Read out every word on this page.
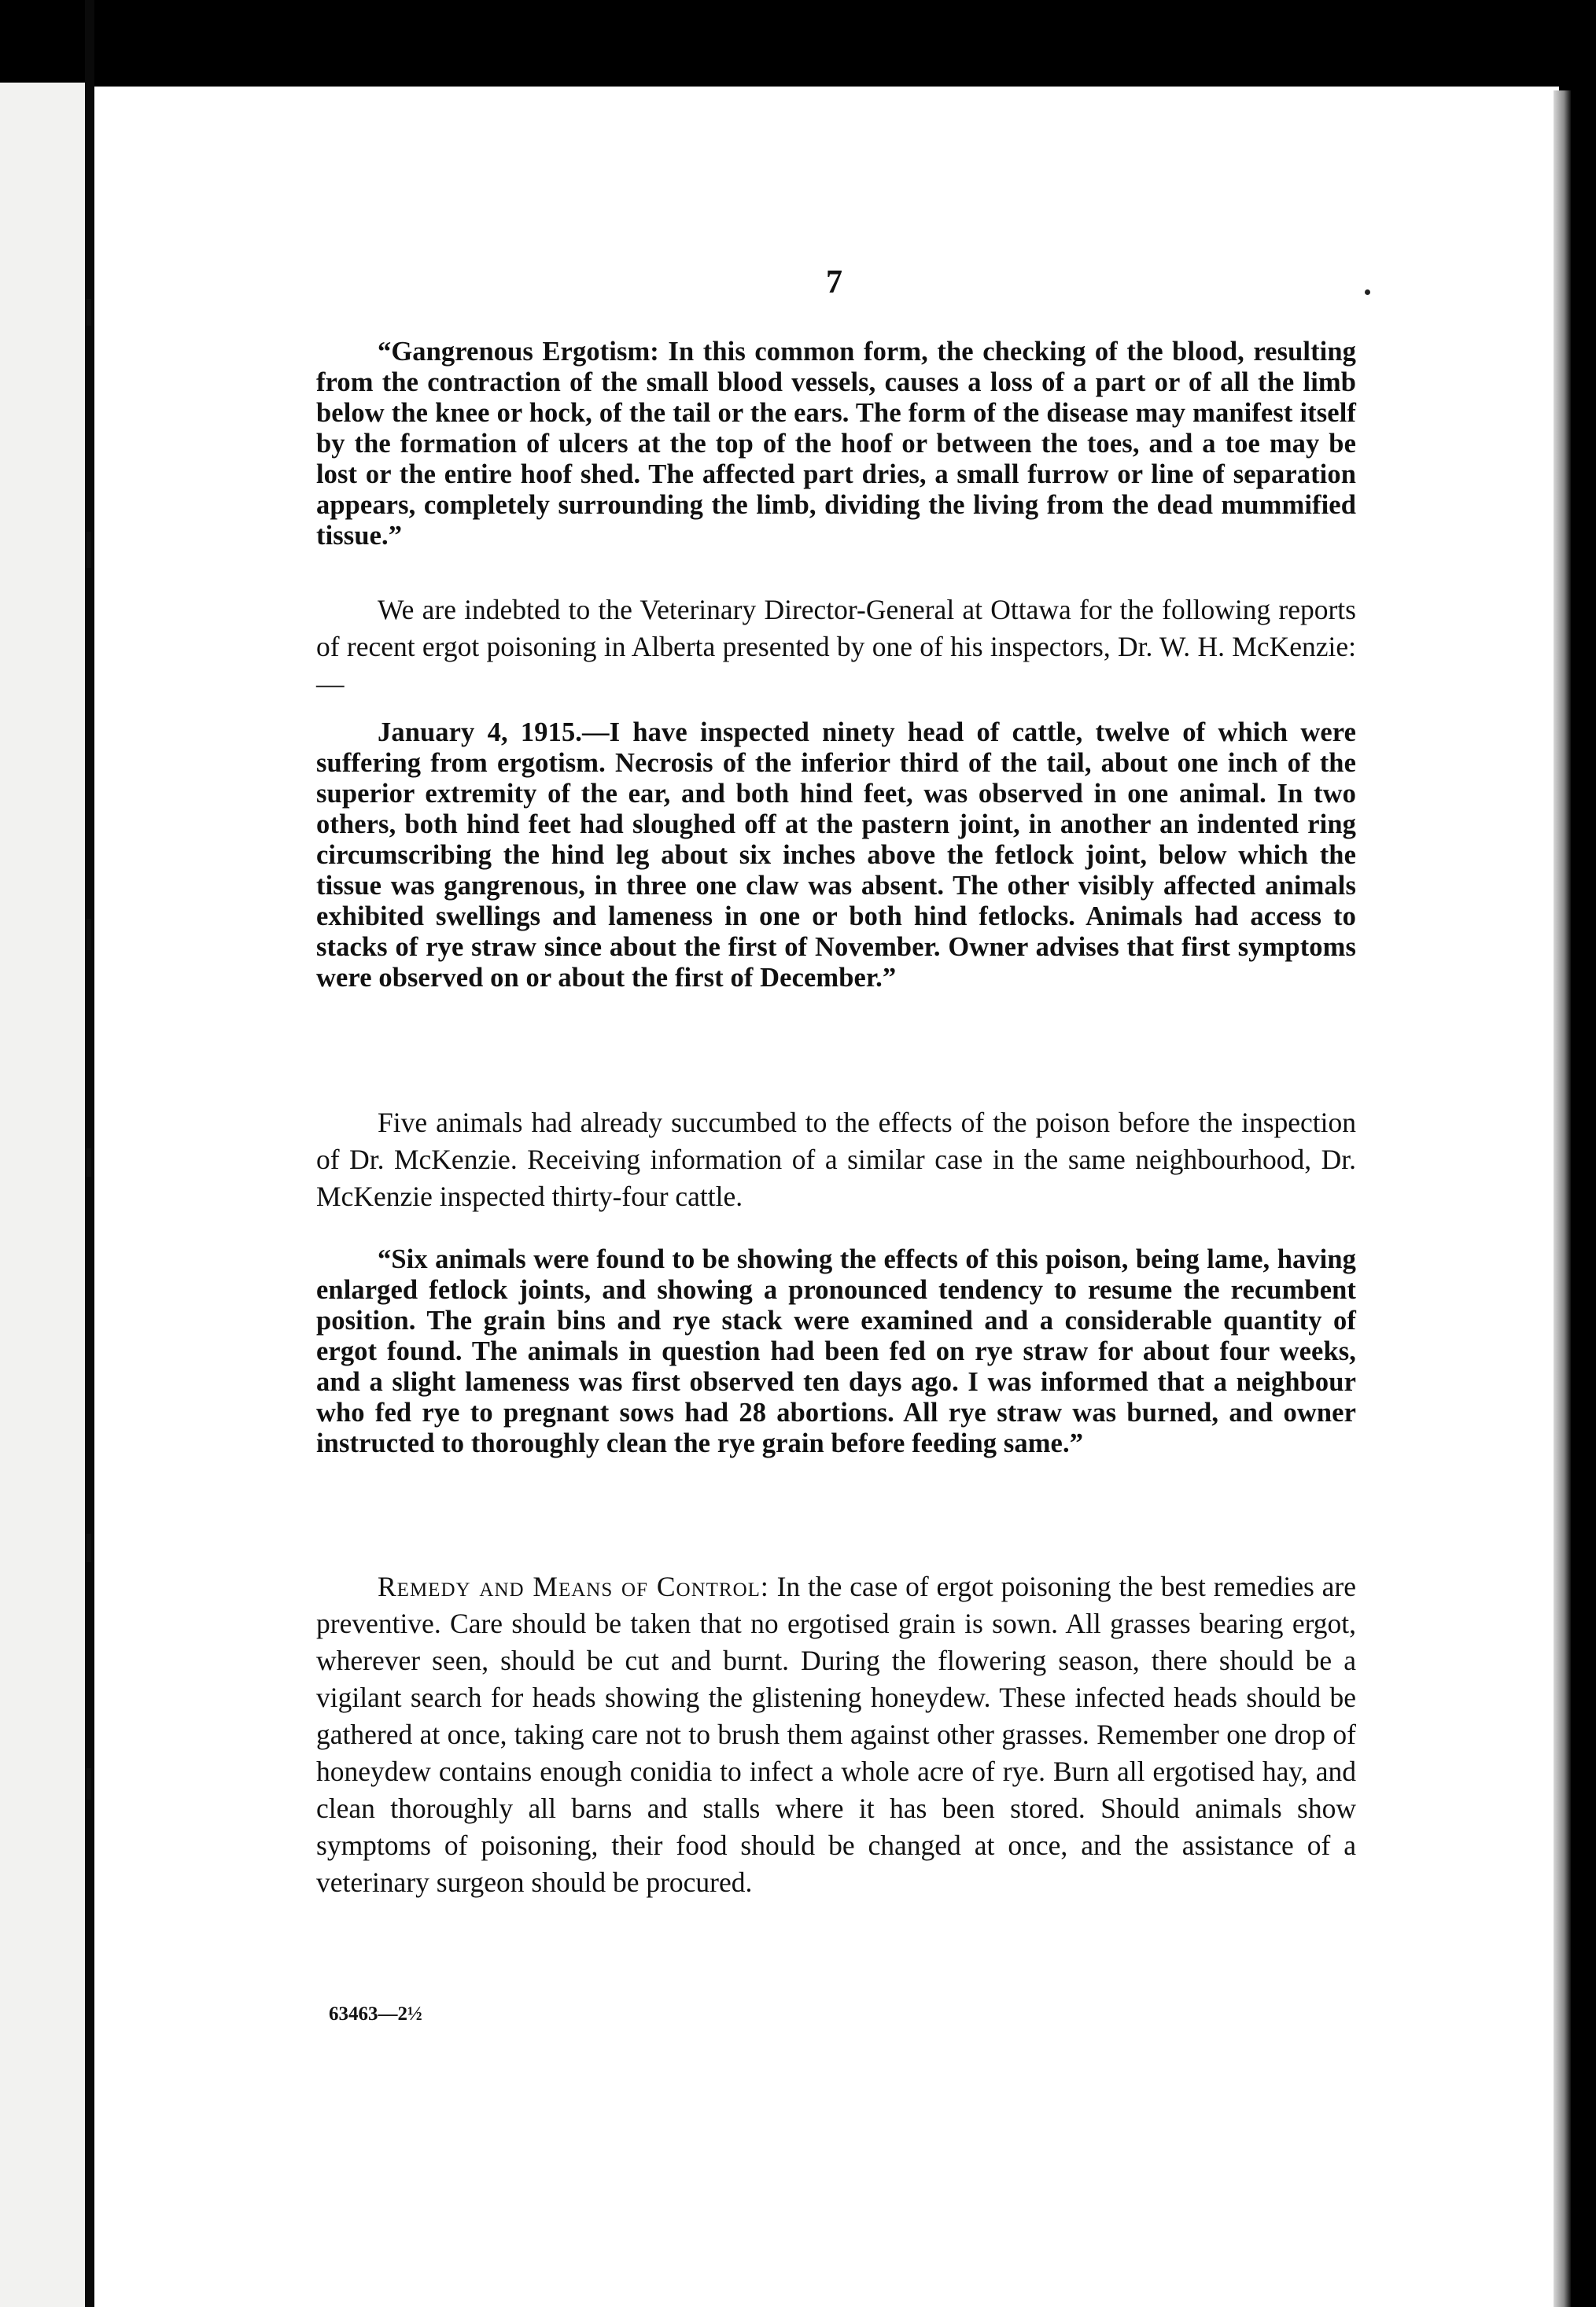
7

“Gangrenous Ergotism: In this common form, the checking of the blood, resulting from the contraction of the small blood vessels, causes a loss of a part or of all the limb below the knee or hock, of the tail or the ears. The form of the disease may manifest itself by the formation of ulcers at the top of the hoof or between the toes, and a toe may be lost or the entire hoof shed. The affected part dries, a small furrow or line of separation appears, completely surrounding the limb, dividing the living from the dead mummified tissue.”

We are indebted to the Veterinary Director-General at Ottawa for the following reports of recent ergot poisoning in Alberta presented by one of his inspectors, Dr. W. H. McKenzie:—

January 4, 1915.—I have inspected ninety head of cattle, twelve of which were suffering from ergotism. Necrosis of the inferior third of the tail, about one inch of the superior extremity of the ear, and both hind feet, was observed in one animal. In two others, both hind feet had sloughed off at the pastern joint, in another an indented ring circumscribing the hind leg about six inches above the fetlock joint, below which the tissue was gangrenous, in three one claw was absent. The other visibly affected animals exhibited swellings and lameness in one or both hind fetlocks. Animals had access to stacks of rye straw since about the first of November. Owner advises that first symptoms were observed on or about the first of December.”

Five animals had already succumbed to the effects of the poison before the inspection of Dr. McKenzie. Receiving information of a similar case in the same neighbourhood, Dr. McKenzie inspected thirty-four cattle.

“Six animals were found to be showing the effects of this poison, being lame, having enlarged fetlock joints, and showing a pronounced tendency to resume the recumbent position. The grain bins and rye stack were examined and a considerable quantity of ergot found. The animals in question had been fed on rye straw for about four weeks, and a slight lameness was first observed ten days ago. I was informed that a neighbour who fed rye to pregnant sows had 28 abortions. All rye straw was burned, and owner instructed to thoroughly clean the rye grain before feeding same.”

Remedy and Means of Control: In the case of ergot poisoning the best remedies are preventive. Care should be taken that no ergotised grain is sown. All grasses bearing ergot, wherever seen, should be cut and burnt. During the flowering season, there should be a vigilant search for heads showing the glistening honeydew. These infected heads should be gathered at once, taking care not to brush them against other grasses. Remember one drop of honeydew contains enough conidia to infect a whole acre of rye. Burn all ergotised hay, and clean thoroughly all barns and stalls where it has been stored. Should animals show symptoms of poisoning, their food should be changed at once, and the assistance of a veterinary surgeon should be procured.

63463—2½
